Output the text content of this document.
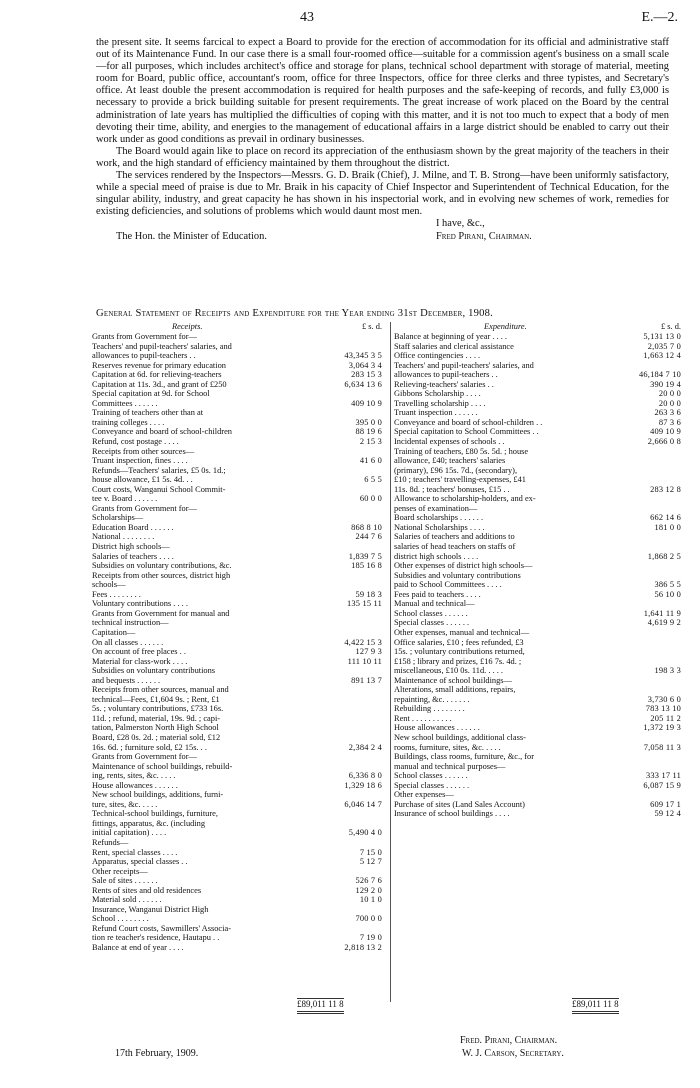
43	E.—2.

the present site. It seems farcical to expect a Board to provide for the erection of accommodation for its official and administrative staff out of its Maintenance Fund. In our case there is a small four-roomed office—suitable for a commission agent's business on a small scale—for all purposes, which includes architect's office and storage for plans, technical school department with storage of material, meeting room for Board, public office, accountant's room, office for three Inspectors, office for three clerks and three typistes, and Secretary's office. At least double the present accommodation is required for health purposes and the safe-keeping of records, and fully £3,000 is necessary to provide a brick building suitable for present requirements. The great increase of work placed on the Board by the central administration of late years has multiplied the difficulties of coping with this matter, and it is not too much to expect that a body of men devoting their time, ability, and energies to the management of educational affairs in a large district should be enabled to carry out their work under as good conditions as prevail in ordinary businesses.

The Board would again like to place on record its appreciation of the enthusiasm shown by the great majority of the teachers in their work, and the high standard of efficiency maintained by them throughout the district.

The services rendered by the Inspectors—Messrs. G. D. Braik (Chief), J. Milne, and T. B. Strong—have been uniformly satisfactory, while a special meed of praise is due to Mr. Braik in his capacity of Chief Inspector and Superintendent of Technical Education, for the singular ability, industry, and great capacity he has shown in his inspectorial work, and in evolving new schemes of work, remedies for existing deficiencies, and solutions of problems which would daunt most men.

I have, &c.,
The Hon. the Minister of Education.	Fred Pirani, Chairman.
General Statement of Receipts and Expenditure for the Year ending 31st December, 1908.
Receipts.	£ s. d.
Grants from Government for—
Teachers' and pupil-teachers' salaries, and
allowances to pupil-teachers . .	43,345 3 5
Reserves revenue for primary education	3,064 3 4
Capitation at 6d. for relieving-teachers	283 15 3
Capitation at 11s. 3d., and grant of £250	6,634 13 6
Special capitation at 9d. for School
Committees . . . . . .	409 10 9
Training of teachers other than at
training colleges . . . .	395 0 0
Conveyance and board of school-children	88 19 6
Refund, cost postage . . . .	2 15 3
Receipts from other sources—
Truant inspection, fines . . . .	41 6 0
Refunds—Teachers' salaries, £5 0s. 1d.;
house allowance, £1 5s. 4d. . .	6 5 5
Court costs, Wanganui School Commit-
tee v. Board . . . . . .	60 0 0
Grants from Government for—
Scholarships—
Education Board . . . . . .	868 8 10
National . . . . . . . .	244 7 6
District high schools—
Salaries of teachers . . . .	1,839 7 5
Subsidies on voluntary contributions, &c.	185 16 8
Receipts from other sources, district high
schools—
Fees . . . . . . . .	59 18 3
Voluntary contributions . . . .	135 15 11
Grants from Government for manual and
technical instruction—
Capitation—
On all classes . . . . . .	4,422 15 3
On account of free places . .	127 9 3
Material for class-work . . . .	111 10 11
Subsidies on voluntary contributions
and bequests . . . . . .	891 13 7
Receipts from other sources, manual and
technical—Fees, £1,604 9s. ; Rent, £1
5s. ; voluntary contributions, £733 16s.
11d. ; refund, material, 19s. 9d. ; capi-
tation, Palmerston North High School
Board, £28 0s. 2d. ; material sold, £12
16s. 6d. ; furniture sold, £2 15s. . .	2,384 2 4
Grants from Government for—
Maintenance of school buildings, rebuild-
ing, rents, sites, &c. . . . .	6,336 8 0
House allowances . . . . . .	1,329 18 6
New school buildings, additions, furni-
ture, sites, &c. . . . .	6,046 14 7
Technical-school buildings, furniture,
fittings, apparatus, &c. (including
initial capitation) . . . .	5,490 4 0
Refunds—
Rent, special classes . . . .	7 15 0
Apparatus, special classes . .	5 12 7
Other receipts—
Sale of sites . . . . . .	526 7 6
Rents of sites and old residences	129 2 0
Material sold . . . . . .	10 1 0
Insurance, Wanganui District High
School . . . . . . . .	700 0 0
Refund Court costs, Sawmillers' Associa-
tion re teacher's residence, Hautapu . .	7 19 0
Balance at end of year . . . .	2,818 13 2
Expenditure.	£ s. d.
Balance at beginning of year . . . .	5,131 13 0
Staff salaries and clerical assistance	2,035 7 0
Office contingencies . . . .	1,663 12 4
Teachers' and pupil-teachers' salaries, and
allowances to pupil-teachers . .	46,184 7 10
Relieving-teachers' salaries . .	390 19 4
Gibbons Scholarship . . . .	20 0 0
Travelling scholarship . . . .	20 0 0
Truant inspection . . . . . .	263 3 6
Conveyance and board of school-children . .	87 3 6
Special capitation to School Committees . .	409 10 9
Incidental expenses of schools . .	2,666 0 8
Training of teachers, £80 5s. 5d. ; house
allowance, £40; teachers' salaries
(primary), £96 15s. 7d., (secondary),
£10 ; teachers' travelling-expenses, £41
11s. 8d. ; teachers' bonuses, £15 . .	283 12 8
Allowance to scholarship-holders, and ex-
penses of examination—
Board scholarships . . . . . .	662 14 6
National Scholarships . . . .	181 0 0
Salaries of teachers and additions to
salaries of head teachers on staffs of
district high schools . . . .	1,868 2 5
Other expenses of district high schools—
Subsidies and voluntary contributions
paid to School Committees . . . .	386 5 5
Fees paid to teachers . . . .	56 10 0
Manual and technical—
School classes . . . . . .	1,641 11 9
Special classes . . . . . .	4,619 9 2
Other expenses, manual and technical—
Office salaries, £10 ; fees refunded, £3
15s. ; voluntary contributions returned,
£158 ; library and prizes, £16 7s. 4d. ;
miscellaneous, £10 0s. 11d. . . . .	198 3 3
Maintenance of school buildings—
Alterations, small additions, repairs,
repainting, &c. . . . . . .	3,730 6 0
Rebuilding . . . . . . . .	783 13 10
Rent . . . . . . . . . .	205 11 2
House allowances . . . . . .	1,372 19 3
New school buildings, additional class-
rooms, furniture, sites, &c. . . . .	7,058 11 3
Buildings, class rooms, furniture, &c., for
manual and technical purposes—
School classes . . . . . .	333 17 11
Special classes . . . . . .	6,087 15 9
Other expenses—
Purchase of sites (Land Sales Account)	609 17 1
Insurance of school buildings . . . .	59 12 4
£89,011 11 8	£89,011 11 8
17th February, 1909.
Fred. Pirani, Chairman.
W. J. Carson, Secretary.
